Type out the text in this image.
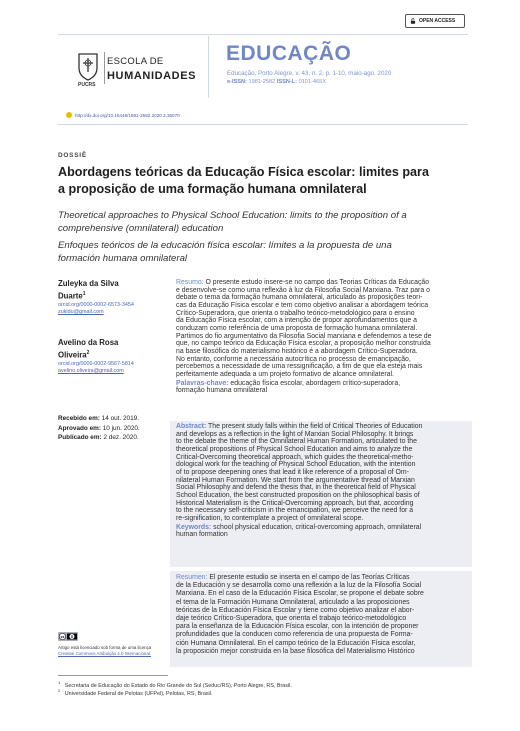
OPEN ACCESS
PUCRS
ESCOLA DE
HUMANIDADES
EDUCAÇÃO
Educação, Porto Alegre, v. 43, n. 2, p. 1-10, maio-ago. 2020
e-ISSN: 1981-2582 ISSN-L: 0101-465X
http://dx.doi.org/10.15448/1981-2582.2020.2.35070
DOSSIÊ
Abordagens teóricas da Educação Física escolar: limites para
a proposição de uma formação humana omnilateral
Theoretical approaches to Physical School Education: limits to the proposition of a
comprehensive (omnilateral) education
Enfoques teóricos de la educación física escolar: límites a la propuesta de una
formación humana omnilateral
Zuleyka da Silva
Duarte$^1$
orcid.org/0000-0002-6573-3454
zukidu@gmail.com
Avelino da Rosa
Oliveira$^2$
orcid.org/0000-0002-9567-5814
avelino.oliveira@gmail.com
Recebido em: 14 out. 2019.
Aprovado em: 10 jun. 2020.
Publicado em: 2 dez. 2020.
Resumo: O presente estudo insere-se no campo das Teorias Críticas da Educação
e desenvolve-se como uma reflexão à luz da Filosofia Social Marxiana. Traz para o
debate o tema da formação humana omnilateral, articulado às proposições teori-
cas da Educação Física escolar e tem como objetivo analisar a abordagem teórica
Crítico-Superadora, que orienta o trabalho teórico-metodológico para o ensino
da Educação Física escolar, com a intenção de propor aprofundamentos que a
conduzam como referência de uma proposta de formação humana omnilateral.
Partimos do fio argumentativo da Filosofia Social marxiana e defendemos a tese de
que, no campo teórico da Educação Física escolar, a proposição melhor construída
na base filosófica do materialismo histórico é a abordagem Crítico-Superadora.
No entanto, conforme a necessária autocrítica no processo de emancipação,
percebemos a necessidade de uma ressignificação, a fim de que ela esteja mais
perfeitamente adequada a um projeto formativo de alcance omnilateral.
Palavras-chave: educação física escolar, abordagem crítico-superadora,
formação humana omnilateral
Abstract: The present study falls within the field of Critical Theories of Education
and develops as a reflection in the light of Marxian Social Philosophy. It brings
to the debate the theme of the Omnilateral Human Formation, articulated to the
theoretical propositions of Physical School Education and aims to analyze the
Critical-Overcoming theoretical approach, which guides the theoretical-metho-
dological work for the teaching of Physical School Education, with the intention
of to propose deepening ones that lead it like reference of a proposal of Om-
nilateral Human Formation. We start from the argumentative thread of Marxian
Social Philosophy and defend the thesis that, in the theoretical field of Physical
School Education, the best constructed proposition on the philosophical basis of
Historical Materialism is the Critical-Overcoming approach, but that, according
to the necessary self-criticism in the emancipation, we perceive the need for a
re-signification, to contemplate a project of omnilateral scope.
Keywords: school physical education, critical-overcoming approach, omnilateral
human formation
Resumen: El presente estudio se inserta en el campo de las Teorías Críticas
de la Educación y se desarrolla como una reflexión a la luz de la Filosofía Social
Marxiana. En el caso de la Educación Física Escolar, se propone el debate sobre
el tema de la Formación Humana Omnilateral, articulado a las proposiciones
teóricas de la Educación Física Escolar y tiene como objetivo analizar el abor-
daje teórico Crítico-Superadora, que orienta el trabajo teórico-metodológico
para la enseñanza de la Educación Física escolar, con la intención de proponer
profundidades que la conducen como referencia de una propuesta de Forma-
ción Humana Omnilateral. En el campo teórico de la Educación Física escolar,
la proposición mejor construida en la base filosófica del Materialismo Histórico
cc
Artigo está licenciado sob forma de uma licença
Creative Commons Atribuição 4.0 Internacional.
$^1$   Secretaria de Educação do Estado do Rio Grande do Sul (Seduc/RS), Porto Alegre, RS, Brasil.
$^2$   Universidade Federal de Pelotas (UFPel), Pelotas, RS, Brasil.
